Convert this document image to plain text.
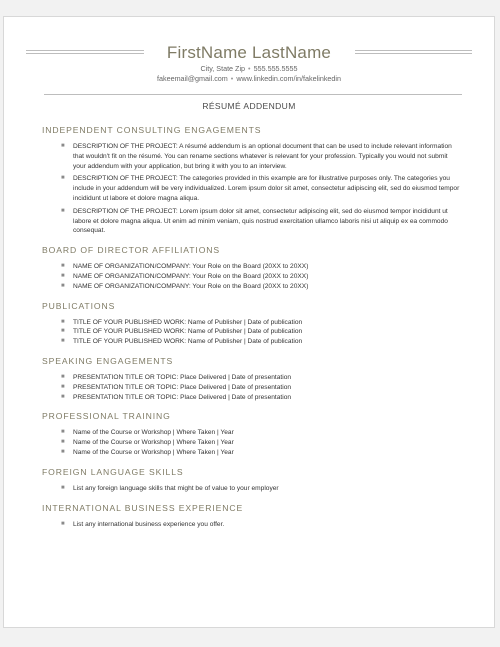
FirstName LastName
City, State Zip • 555.555.5555
fakeemail@gmail.com • www.linkedin.com/in/fakelinkedin
RÉSUMÉ ADDENDUM
INDEPENDENT CONSULTING ENGAGEMENTS
■ DESCRIPTION OF THE PROJECT: A résumé addendum is an optional document that can be used to include relevant information that wouldn't fit on the résumé. You can rename sections whatever is relevant for your profession. Typically you would not submit your addendum with your application, but bring it with you to an interview.
■ DESCRIPTION OF THE PROJECT: The categories provided in this example are for illustrative purposes only. The categories you include in your addendum will be very individualized. Lorem ipsum dolor sit amet, consectetur adipiscing elit, sed do eiusmod tempor incididunt ut labore et dolore magna aliqua.
■ DESCRIPTION OF THE PROJECT: Lorem ipsum dolor sit amet, consectetur adipiscing elit, sed do eiusmod tempor incididunt ut labore et dolore magna aliqua. Ut enim ad minim veniam, quis nostrud exercitation ullamco laboris nisi ut aliquip ex ea commodo consequat.
BOARD OF DIRECTOR AFFILIATIONS
■ NAME OF ORGANIZATION/COMPANY: Your Role on the Board (20XX to 20XX)
■ NAME OF ORGANIZATION/COMPANY: Your Role on the Board (20XX to 20XX)
■ NAME OF ORGANIZATION/COMPANY: Your Role on the Board (20XX to 20XX)
PUBLICATIONS
■ TITLE OF YOUR PUBLISHED WORK: Name of Publisher | Date of publication
■ TITLE OF YOUR PUBLISHED WORK: Name of Publisher | Date of publication
■ TITLE OF YOUR PUBLISHED WORK: Name of Publisher | Date of publication
SPEAKING ENGAGEMENTS
■ PRESENTATION TITLE OR TOPIC: Place Delivered | Date of presentation
■ PRESENTATION TITLE OR TOPIC: Place Delivered | Date of presentation
■ PRESENTATION TITLE OR TOPIC: Place Delivered | Date of presentation
PROFESSIONAL TRAINING
■ Name of the Course or Workshop | Where Taken | Year
■ Name of the Course or Workshop | Where Taken | Year
■ Name of the Course or Workshop | Where Taken | Year
FOREIGN LANGUAGE SKILLS
■ List any foreign language skills that might be of value to your employer
INTERNATIONAL BUSINESS EXPERIENCE
■ List any international business experience you offer.
